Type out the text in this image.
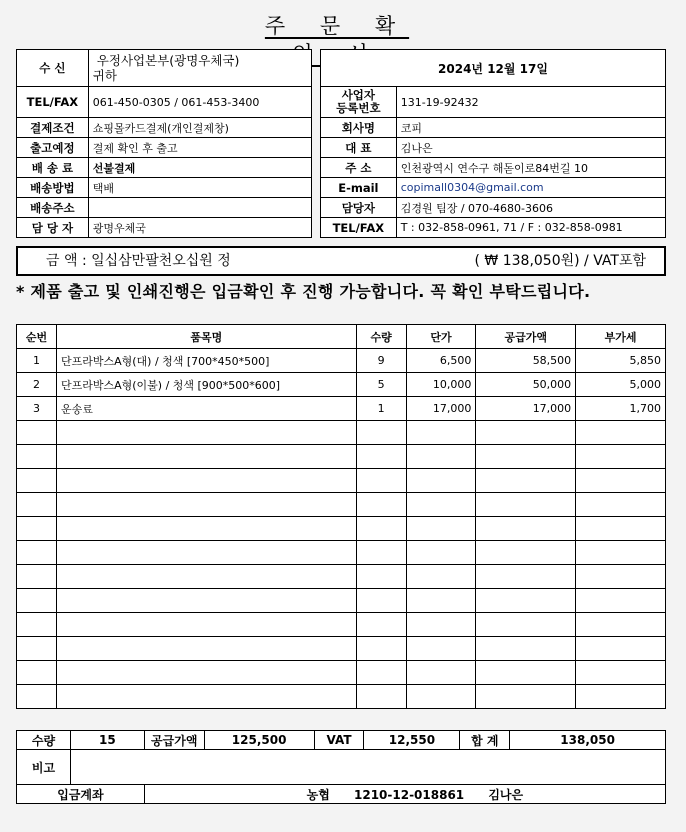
주 문 확
수 신	우정사업본부(광명우체국)
귀하

TEL/FAX	061-450-0305 / 061-453-3400
결제조건	쇼핑몰카드결제(개인결제창)
출고예정	결제 확인 후 출고
배 송 료	선불결제
배송방법	택배
배송주소	
담 당 자	광명우체국
2024년 12월 17일	

사업자
등록번호	131-19-92432
회사명	코피
대 표	김나은
주 소	인천광역시 연수구 해돋이로84번길 10
E-mail	copimall0304@gmail.com
담당자	김경원 팀장 / 070-4680-3606
TEL/FAX	T : 032-858-0961, 71 / F : 032-858-0981
금 액 : 일십삼만팔천오십원 정	( ₩ 138,050원) / VAT포함
* 제품 출고 및 인쇄진행은 입금확인 후 진행 가능합니다. 꼭 확인 부탁드립니다.
순번	품목명	수량	단가	공급가액	부가세
1	단프라박스A형(대) / 청색 [700*450*500]	9	6,500	58,500	5,850
2	단프라박스A형(이불) / 청색 [900*500*600]	5	10,000	50,000	5,000
3	운송료	1	17,000	17,000	1,700

수량	15	공급가액	125,500	VAT	12,550	합 계	138,050
비고							
입금계좌		농협 1210-12-018861 김나은					
